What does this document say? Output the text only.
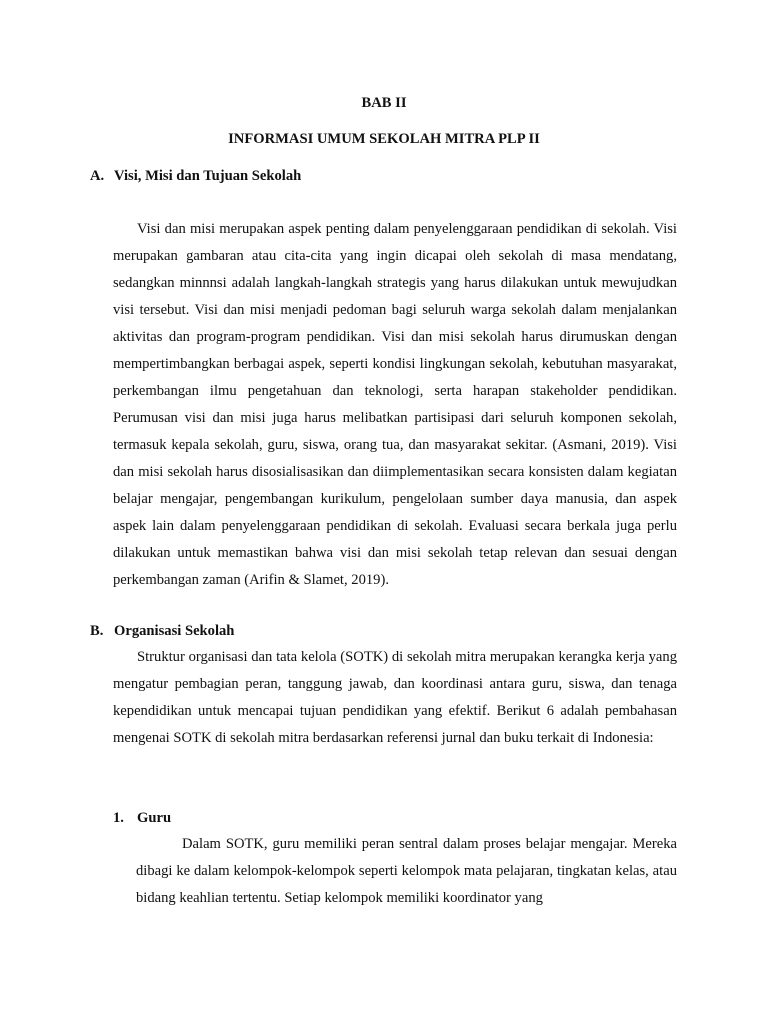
BAB II
INFORMASI UMUM SEKOLAH MITRA PLP II
A. Visi, Misi dan Tujuan Sekolah

Visi dan misi merupakan aspek penting dalam penyelenggaraan pendidikan di sekolah. Visi merupakan gambaran atau cita-cita yang ingin dicapai oleh sekolah di masa mendatang, sedangkan minnnsi adalah langkah-langkah strategis yang harus dilakukan untuk mewujudkan visi tersebut. Visi dan misi menjadi pedoman bagi seluruh warga sekolah dalam menjalankan aktivitas dan program-program pendidikan. Visi dan misi sekolah harus dirumuskan dengan mempertimbangkan berbagai aspek, seperti kondisi lingkungan sekolah, kebutuhan masyarakat, perkembangan ilmu pengetahuan dan teknologi, serta harapan stakeholder pendidikan. Perumusan visi dan misi juga harus melibatkan partisipasi dari seluruh komponen sekolah, termasuk kepala sekolah, guru, siswa, orang tua, dan masyarakat sekitar. (Asmani, 2019). Visi dan misi sekolah harus disosialisasikan dan diimplementasikan secara konsisten dalam kegiatan belajar mengajar, pengembangan kurikulum, pengelolaan sumber daya manusia, dan aspek aspek lain dalam penyelenggaraan pendidikan di sekolah. Evaluasi secara berkala juga perlu dilakukan untuk memastikan bahwa visi dan misi sekolah tetap relevan dan sesuai dengan perkembangan zaman (Arifin & Slamet, 2019).

B. Organisasi Sekolah

Struktur organisasi dan tata kelola (SOTK) di sekolah mitra merupakan kerangka kerja yang mengatur pembagian peran, tanggung jawab, dan koordinasi antara guru, siswa, dan tenaga kependidikan untuk mencapai tujuan pendidikan yang efektif. Berikut 6 adalah pembahasan mengenai SOTK di sekolah mitra berdasarkan referensi jurnal dan buku terkait di Indonesia:

1. Guru

Dalam SOTK, guru memiliki peran sentral dalam proses belajar mengajar. Mereka dibagi ke dalam kelompok-kelompok seperti kelompok mata pelajaran, tingkatan kelas, atau bidang keahlian tertentu. Setiap kelompok memiliki koordinator yang
